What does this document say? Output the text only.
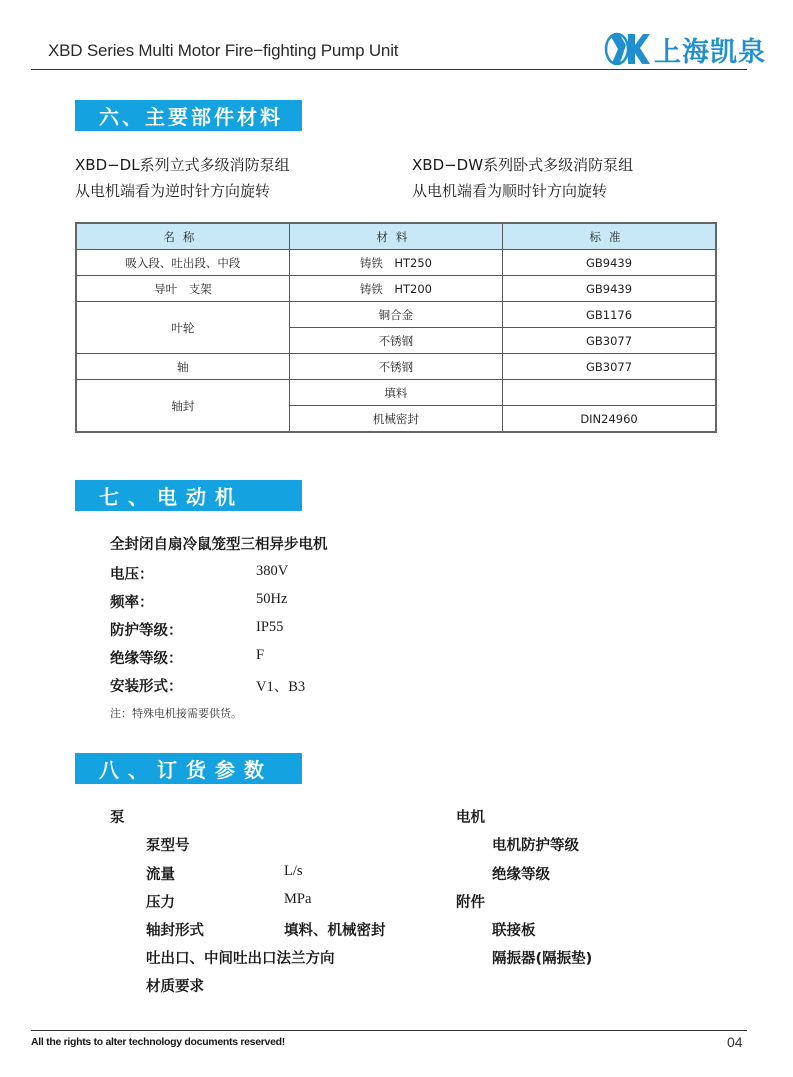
XBD Series Multi Motor Fire−fighting Pump Unit	上海凯泉
六、主要部件材料
XBD−DL系列立式多级消防泵组
从电机端看为逆时针方向旋转
XBD−DW系列卧式多级消防泵组
从电机端看为顺时针方向旋转
名称	材料	标准
吸入段、吐出段、中段	铸铁　HT250	GB9439
导叶　支架	铸铁　HT200	GB9439
叶轮	铜合金	GB1176
	不锈钢	GB3077
轴	不锈钢	GB3077
轴封	填料	
	机械密封	DIN24960
七、电动机
全封闭自扇冷鼠笼型三相异步电机
电压：	380V
频率：	50Hz
防护等级：	IP55
绝缘等级：	F
安装形式：	V1、B3
注：特殊电机接需要供货。
八、订货参数
泵
泵型号
流量	L/s
压力	MPa
轴封形式	填料、机械密封
吐出口、中间吐出口法兰方向
材质要求
电机
电机防护等级
绝缘等级
附件
联接板
隔振器(隔振垫)
All the rights to alter technology documents reserved!	04
